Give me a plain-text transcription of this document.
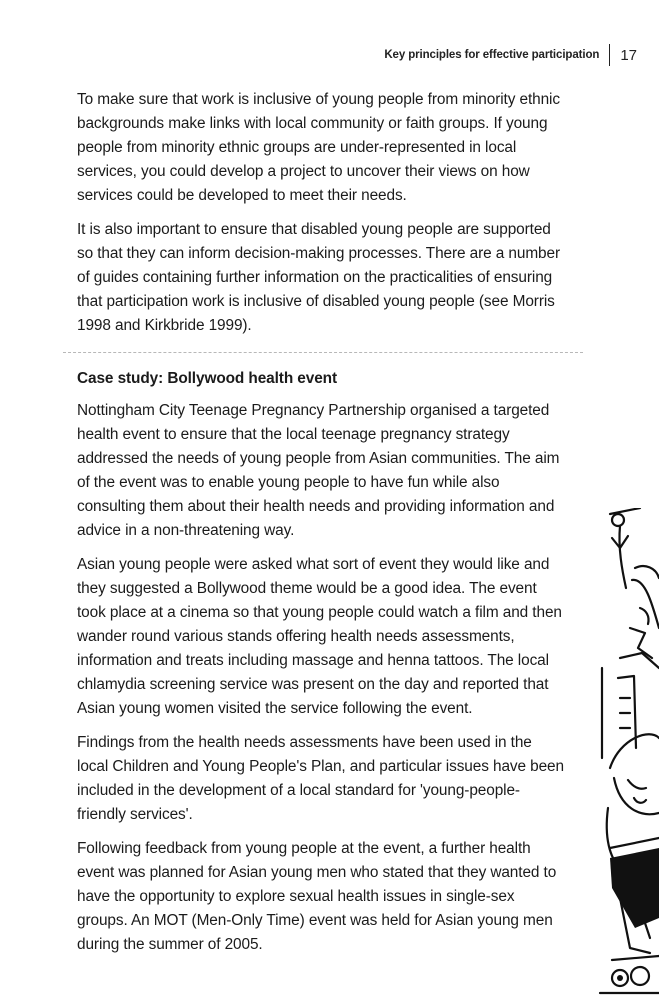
Key principles for effective participation 17

To make sure that work is inclusive of young people from minority ethnic backgrounds make links with local community or faith groups. If young people from minority ethnic groups are under-represented in local services, you could develop a project to uncover their views on how services could be developed to meet their needs.

It is also important to ensure that disabled young people are supported so that they can inform decision-making processes. There are a number of guides containing further information on the practicalities of ensuring that participation work is inclusive of disabled young people (see Morris 1998 and Kirkbride 1999).

Case study: Bollywood health event

Nottingham City Teenage Pregnancy Partnership organised a targeted health event to ensure that the local teenage pregnancy strategy addressed the needs of young people from Asian communities. The aim of the event was to enable young people to have fun while also consulting them about their health needs and providing information and advice in a non-threatening way.

Asian young people were asked what sort of event they would like and they suggested a Bollywood theme would be a good idea. The event took place at a cinema so that young people could watch a film and then wander round various stands offering health needs assessments, information and treats including massage and henna tattoos. The local chlamydia screening service was present on the day and reported that Asian young women visited the service following the event.

Findings from the health needs assessments have been used in the local Children and Young People's Plan, and particular issues have been included in the development of a local standard for 'young-people-friendly services'.

Following feedback from young people at the event, a further health event was planned for Asian young men who stated that they wanted to have the opportunity to explore sexual health issues in single-sex groups. An MOT (Men-Only Time) event was held for Asian young men during the summer of 2005.
